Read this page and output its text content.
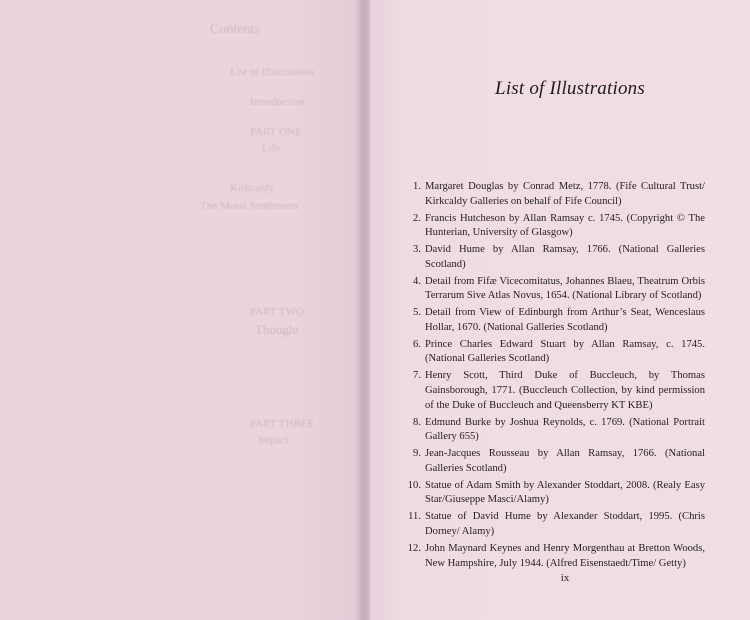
Contents
List of Illustrations
Introduction
PART ONE
Life
Kirkcaldy
The Moral Sentiments
PART TWO
Thought
PART THREE
Impact
List of Illustrations
1. Margaret Douglas by Conrad Metz, 1778. (Fife Cultural Trust/ Kirkcaldy Galleries on behalf of Fife Council)
2. Francis Hutcheson by Allan Ramsay c. 1745. (Copyright © The Hunterian, University of Glasgow)
3. David Hume by Allan Ramsay, 1766. (National Galleries Scotland)
4. Detail from Fifæ Vicecomitatus, Johannes Blaeu, Theatrum Orbis Terrarum Sive Atlas Novus, 1654. (National Library of Scotland)
5. Detail from View of Edinburgh from Arthur’s Seat, Wenceslaus Hollar, 1670. (National Galleries Scotland)
6. Prince Charles Edward Stuart by Allan Ramsay, c. 1745. (National Galleries Scotland)
7. Henry Scott, Third Duke of Buccleuch, by Thomas Gainsborough, 1771. (Buccleuch Collection, by kind permission of the Duke of Buccleuch and Queensberry KT KBE)
8. Edmund Burke by Joshua Reynolds, c. 1769. (National Portrait Gallery 655)
9. Jean-Jacques Rousseau by Allan Ramsay, 1766. (National Galleries Scotland)
10. Statue of Adam Smith by Alexander Stoddart, 2008. (Realy Easy Star/Giuseppe Masci/Alamy)
11. Statue of David Hume by Alexander Stoddart, 1995. (Chris Dorney/ Alamy)
12. John Maynard Keynes and Henry Morgenthau at Bretton Woods, New Hampshire, July 1944. (Alfred Eisenstaedt/Time/ Getty)
ix
